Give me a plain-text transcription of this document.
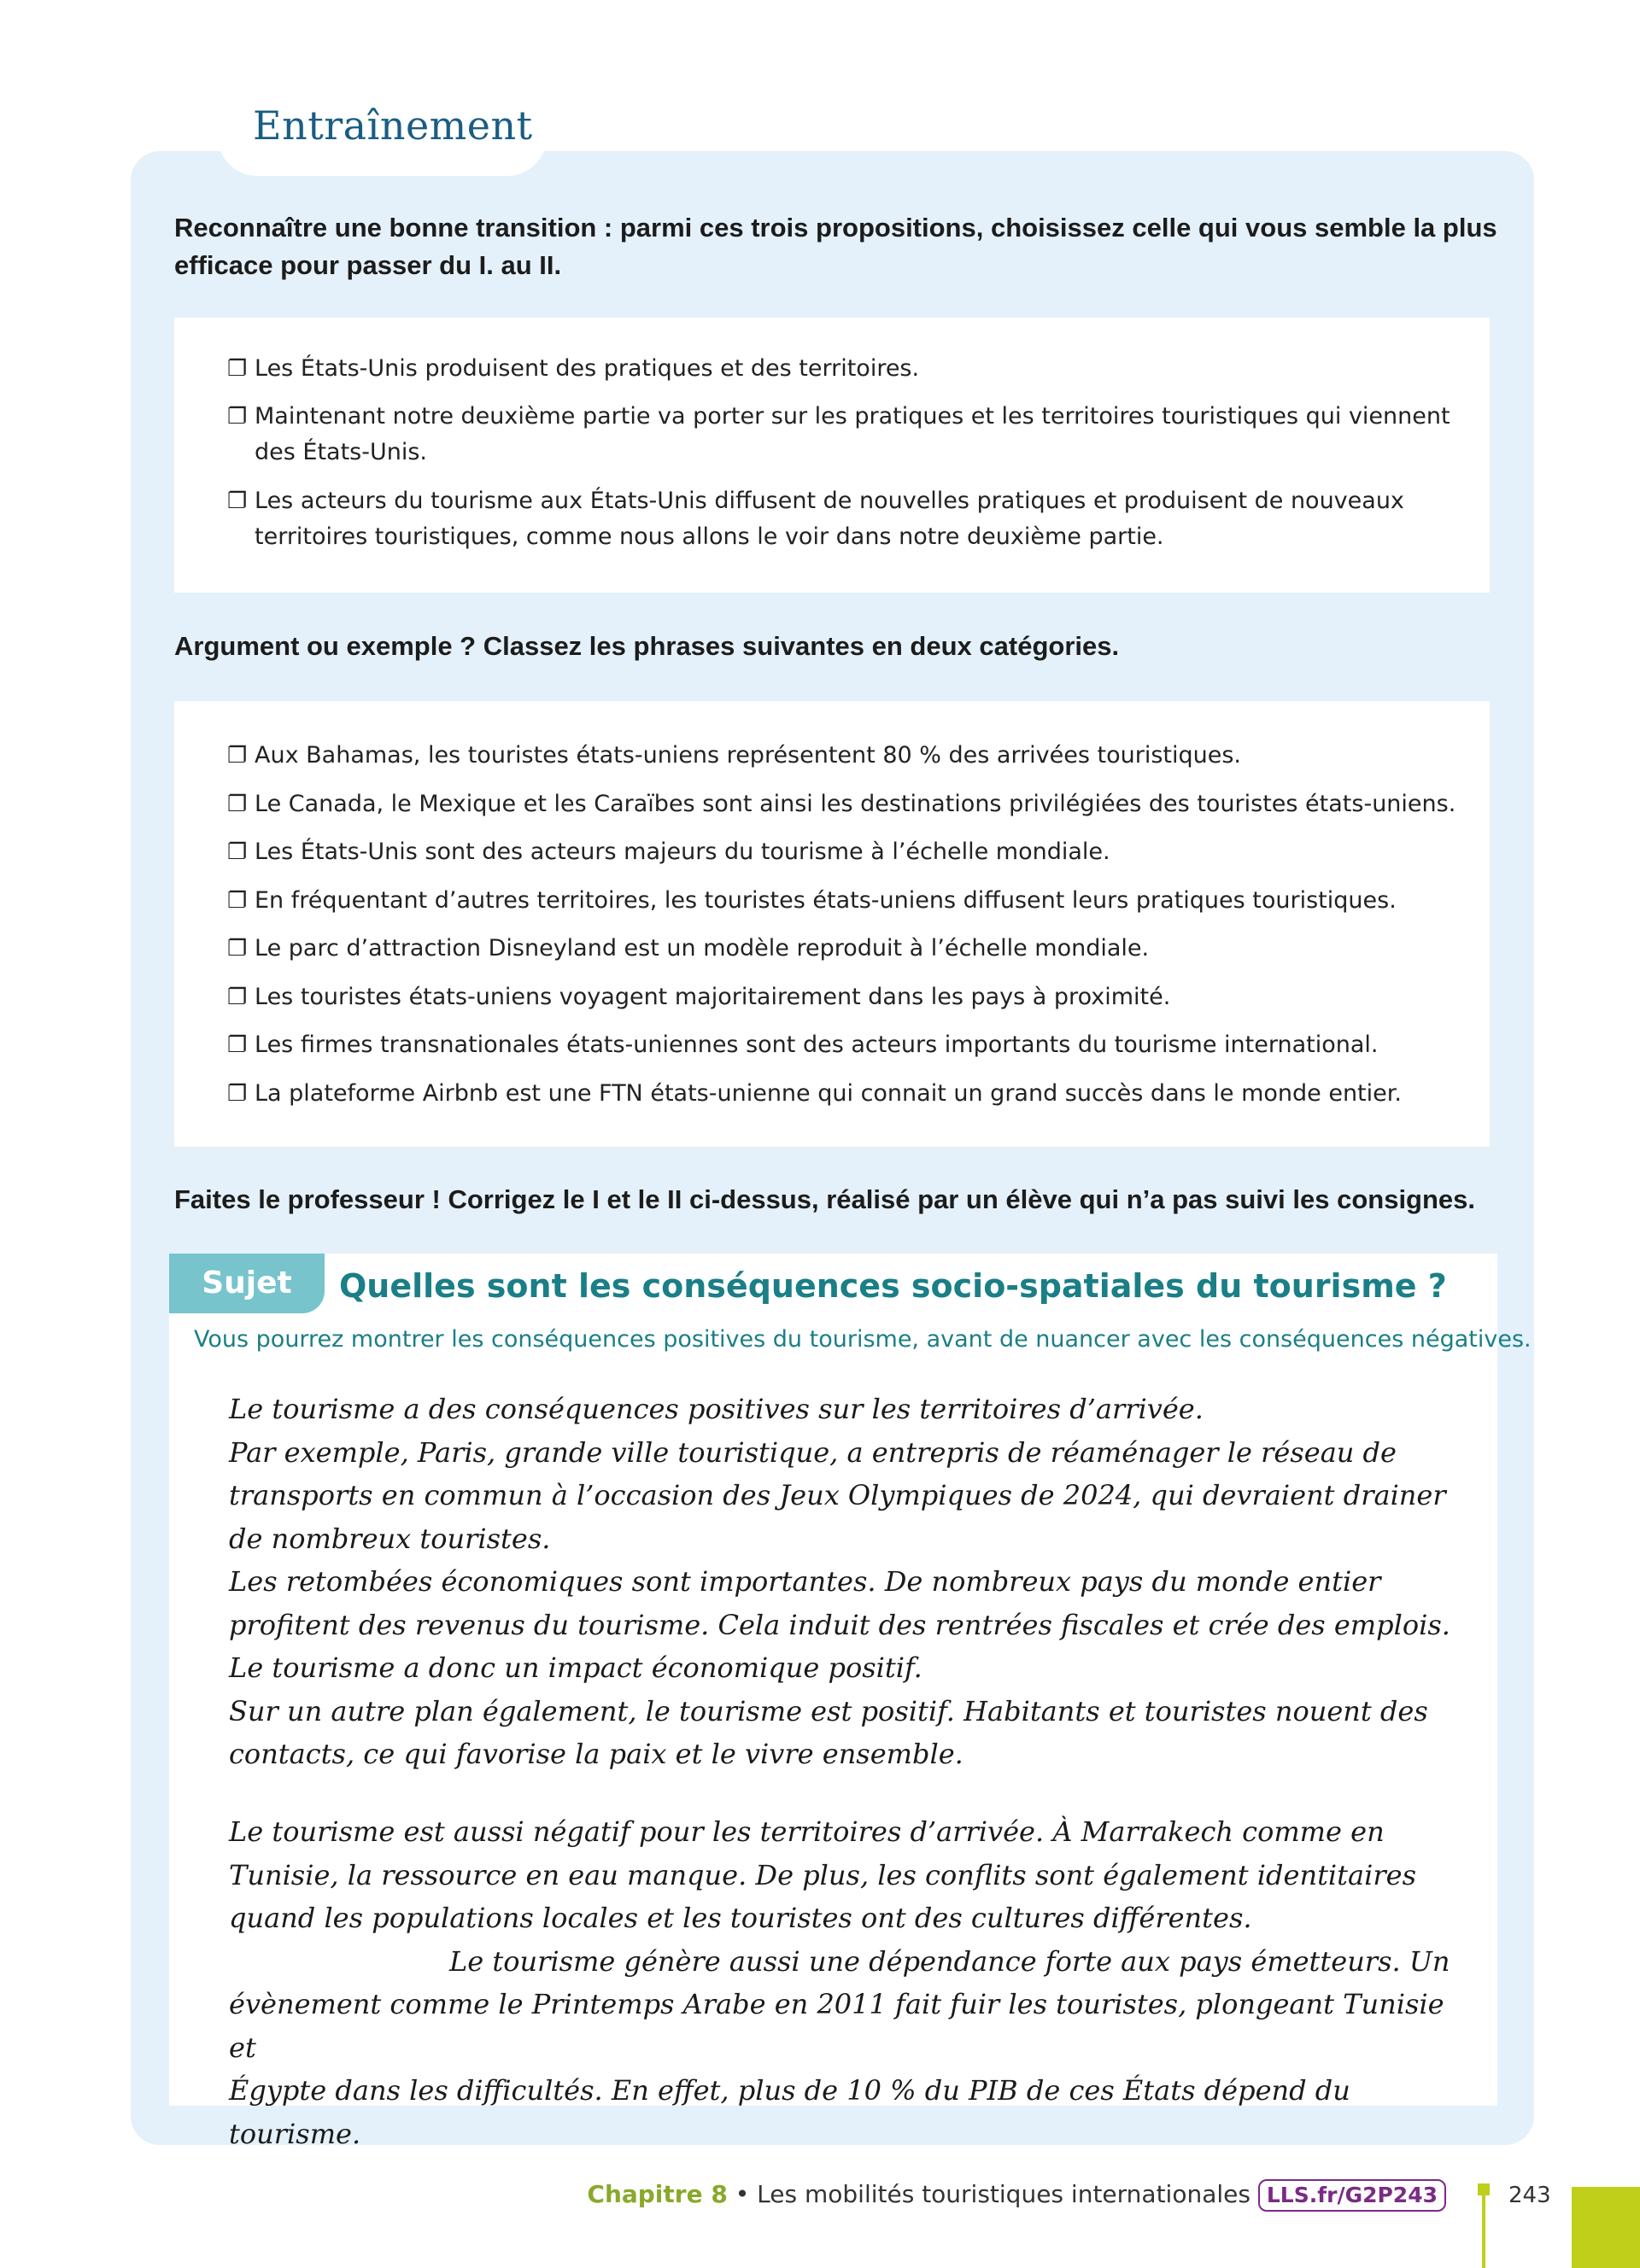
Entraînement
Reconnaître une bonne transition : parmi ces trois propositions, choisissez celle qui vous semble la plus efficace pour passer du I. au II.
❐ Les États-Unis produisent des pratiques et des territoires.
❐ Maintenant notre deuxième partie va porter sur les pratiques et les territoires touristiques qui viennent des États-Unis.
❐ Les acteurs du tourisme aux États-Unis diffusent de nouvelles pratiques et produisent de nouveaux territoires touristiques, comme nous allons le voir dans notre deuxième partie.
Argument ou exemple ? Classez les phrases suivantes en deux catégories.
❐ Aux Bahamas, les touristes états-uniens représentent 80 % des arrivées touristiques.
❐ Le Canada, le Mexique et les Caraïbes sont ainsi les destinations privilégiées des touristes états-uniens.
❐ Les États-Unis sont des acteurs majeurs du tourisme à l’échelle mondiale.
❐ En fréquentant d’autres territoires, les touristes états-uniens diffusent leurs pratiques touristiques.
❐ Le parc d’attraction Disneyland est un modèle reproduit à l’échelle mondiale.
❐ Les touristes états-uniens voyagent majoritairement dans les pays à proximité.
❐ Les firmes transnationales états-uniennes sont des acteurs importants du tourisme international.
❐ La plateforme Airbnb est une FTN états-unienne qui connait un grand succès dans le monde entier.
Faites le professeur ! Corrigez le I et le II ci-dessus, réalisé par un élève qui n’a pas suivi les consignes.
Sujet	Quelles sont les conséquences socio-spatiales du tourisme ?
Vous pourrez montrer les conséquences positives du tourisme, avant de nuancer avec les conséquences négatives.
Le tourisme a des conséquences positives sur les territoires d’arrivée.
Par exemple, Paris, grande ville touristique, a entrepris de réaménager le réseau de
transports en commun à l’occasion des Jeux Olympiques de 2024, qui devraient drainer
de nombreux touristes.
Les retombées économiques sont importantes. De nombreux pays du monde entier
profitent des revenus du tourisme. Cela induit des rentrées fiscales et crée des emplois.
Le tourisme a donc un impact économique positif.
Sur un autre plan également, le tourisme est positif. Habitants et touristes nouent des
contacts, ce qui favorise la paix et le vivre ensemble.
Le tourisme est aussi négatif pour les territoires d’arrivée. À Marrakech comme en
Tunisie, la ressource en eau manque. De plus, les conflits sont également identitaires
quand les populations locales et les touristes ont des cultures différentes.
Le tourisme génère aussi une dépendance forte aux pays émetteurs. Un
évènement comme le Printemps Arabe en 2011 fait fuir les touristes, plongeant Tunisie et
Égypte dans les difficultés. En effet, plus de 10 % du PIB de ces États dépend du tourisme.
Chapitre 8 • Les mobilités touristiques internationales LLS.fr/G2P243	243
